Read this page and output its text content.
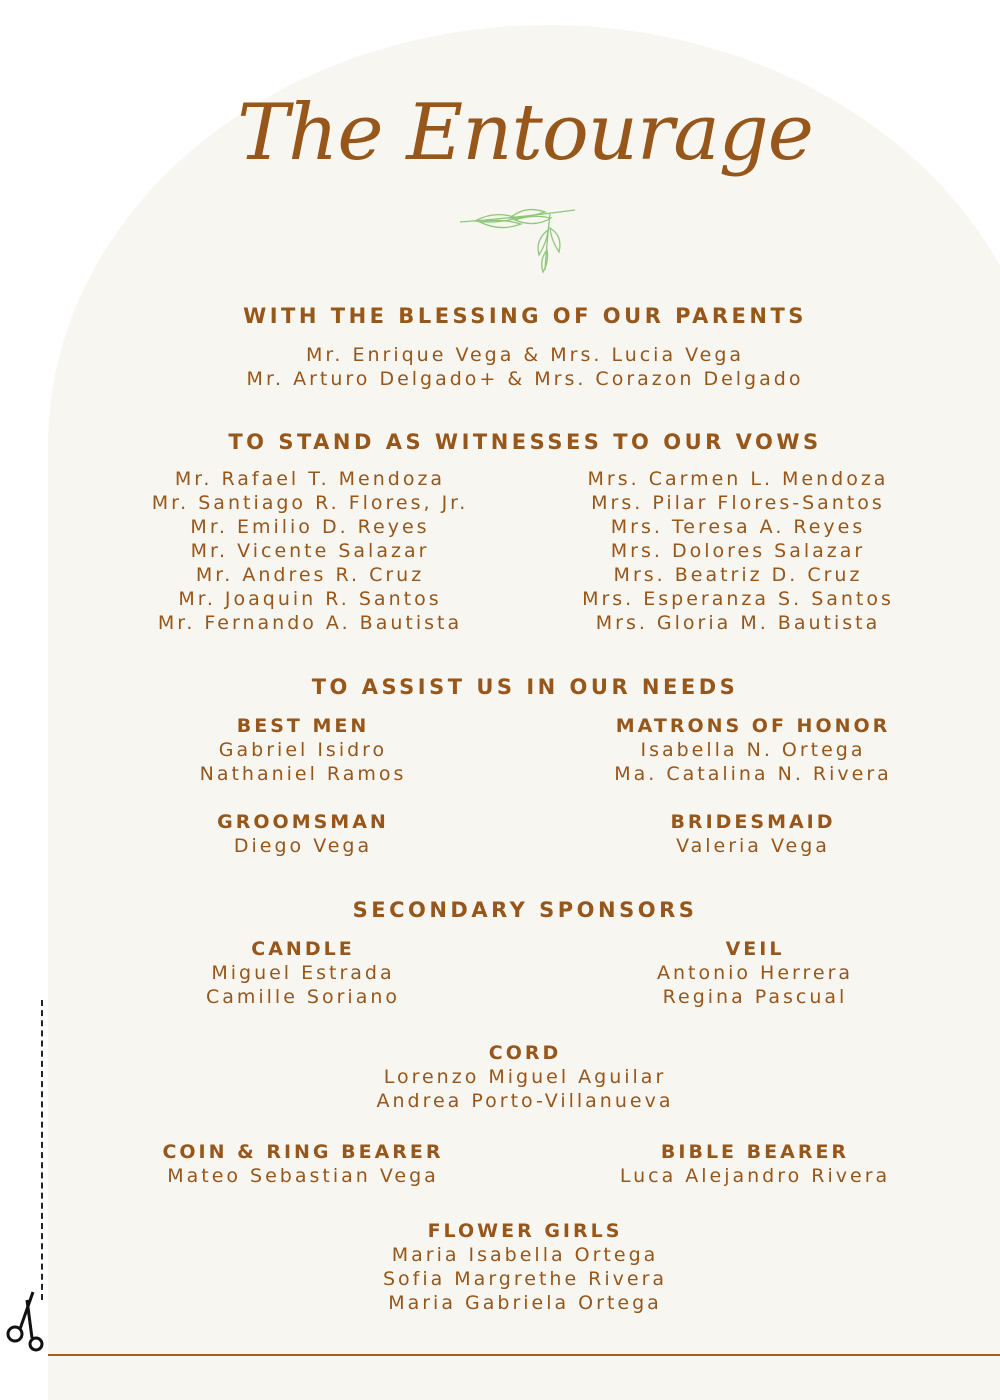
The Entourage
WITH THE BLESSING OF OUR PARENTS
Mr. Enrique Vega & Mrs. Lucia Vega
Mr. Arturo Delgado+ & Mrs. Corazon Delgado
TO STAND AS WITNESSES TO OUR VOWS
Mr. Rafael T. Mendoza
Mr. Santiago R. Flores, Jr.
Mr. Emilio D. Reyes
Mr. Vicente Salazar
Mr. Andres R. Cruz
Mr. Joaquin R. Santos
Mr. Fernando A. Bautista
Mrs. Carmen L. Mendoza
Mrs. Pilar Flores-Santos
Mrs. Teresa A. Reyes
Mrs. Dolores Salazar
Mrs. Beatriz D. Cruz
Mrs. Esperanza S. Santos
Mrs. Gloria M. Bautista
TO ASSIST US IN OUR NEEDS
BEST MEN
Gabriel Isidro
Nathaniel Ramos
MATRONS OF HONOR
Isabella N. Ortega
Ma. Catalina N. Rivera
GROOMSMAN
Diego Vega
BRIDESMAID
Valeria Vega
SECONDARY SPONSORS
CANDLE
Miguel Estrada
Camille Soriano
VEIL
Antonio Herrera
Regina Pascual
CORD
Lorenzo Miguel Aguilar
Andrea Porto-Villanueva
COIN & RING BEARER
Mateo Sebastian Vega
BIBLE BEARER
Luca Alejandro Rivera
FLOWER GIRLS
Maria Isabella Ortega
Sofia Margrethe Rivera
Maria Gabriela Ortega
